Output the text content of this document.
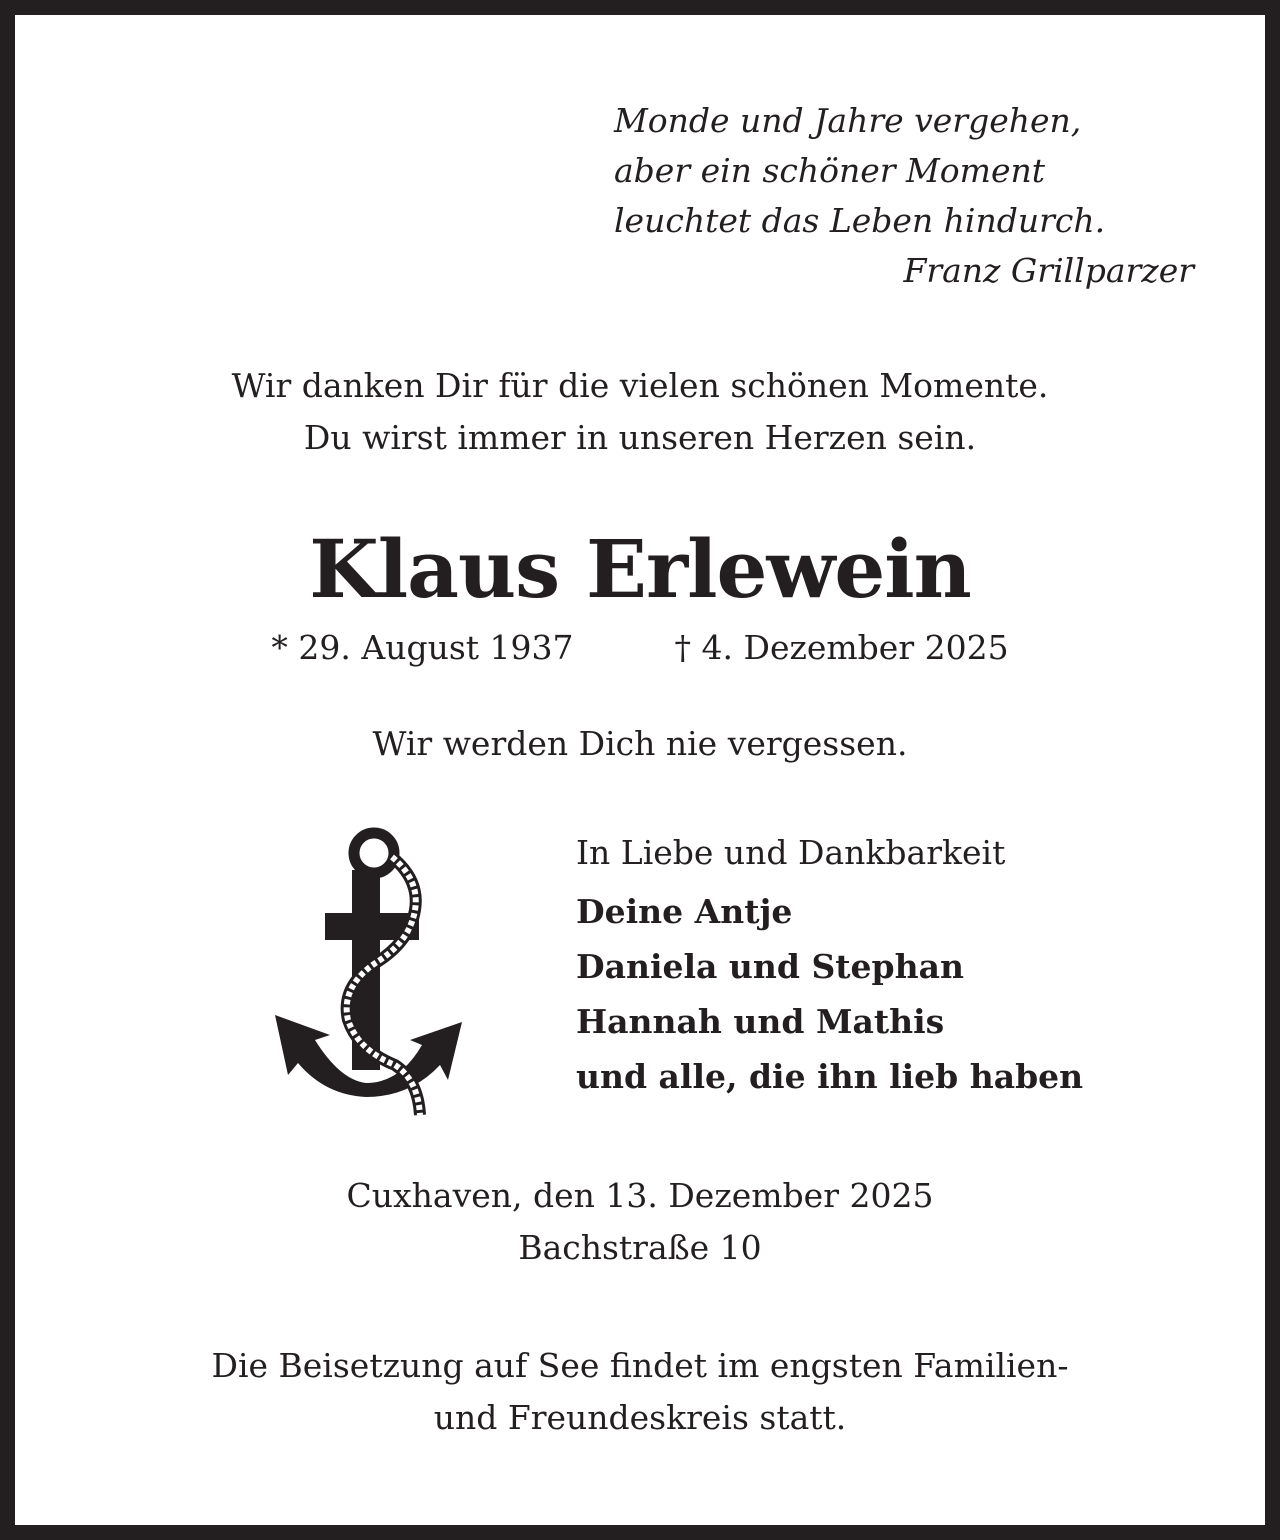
Monde und Jahre vergehen,
aber ein schöner Moment
leuchtet das Leben hindurch.
Franz Grillparzer
Wir danken Dir für die vielen schönen Momente.
Du wirst immer in unseren Herzen sein.
Klaus Erlewein
* 29. August 1937	† 4. Dezember 2025
Wir werden Dich nie vergessen.
In Liebe und Dankbarkeit
Deine Antje
Daniela und Stephan
Hannah und Mathis
und alle, die ihn lieb haben
Cuxhaven, den 13. Dezember 2025
Bachstraße 10
Die Beisetzung auf See findet im engsten Familien-
und Freundeskreis statt.
